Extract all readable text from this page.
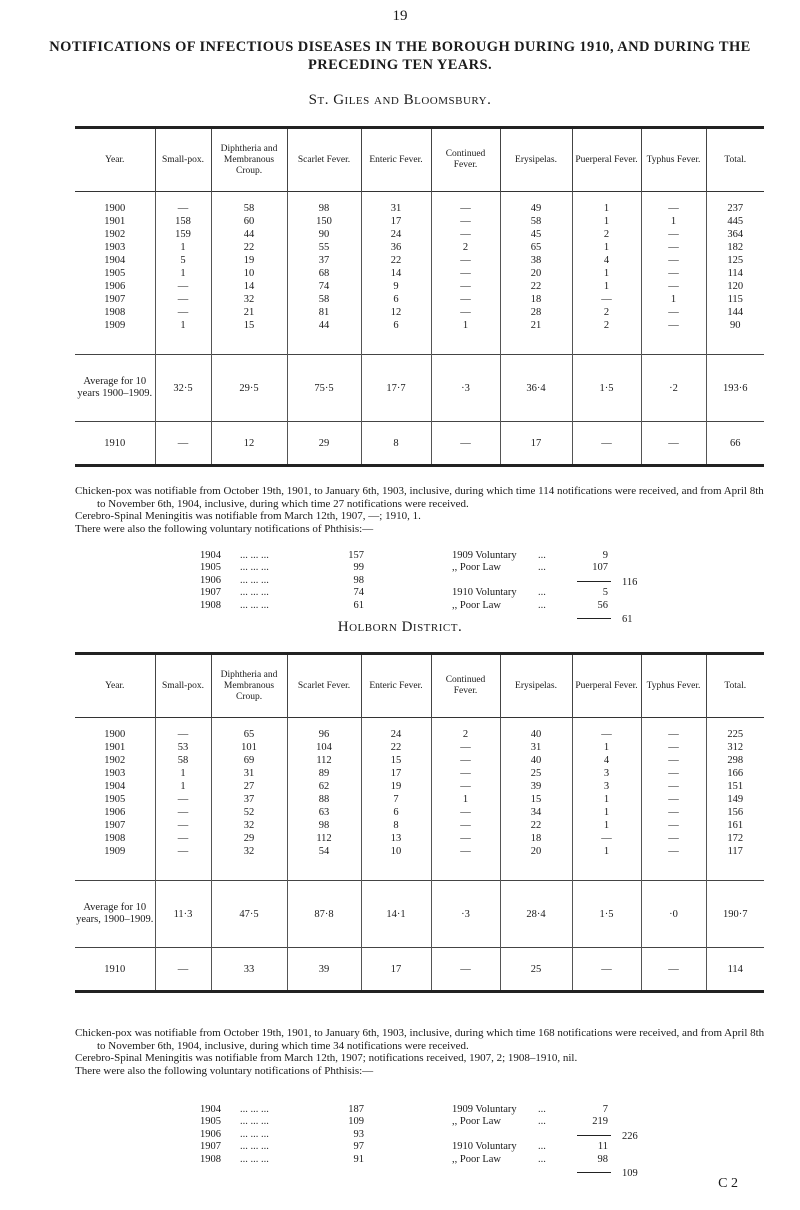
19
NOTIFICATIONS OF INFECTIOUS DISEASES IN THE BOROUGH DURING 1910, AND DURING THE PRECEDING TEN YEARS.
St. Giles and Bloomsbury.
Year.	Small-pox.	Diphtheria and Membranous Croup.	Scarlet Fever.	Enteric Fever.	Continued Fever.	Erysipelas.	Puerperal Fever.	Typhus Fever.	Total.

1900	—	58	98	31	—	49	1	—	237
1901	158	60	150	17	—	58	1	1	445
1902	159	44	90	24	—	45	2	—	364
1903	1	22	55	36	2	65	1	—	182
1904	5	19	37	22	—	38	4	—	125
1905	1	10	68	14	—	20	1	—	114
1906	—	14	74	9	—	22	1	—	120
1907	—	32	58	6	—	18	—	1	115
1908	—	21	81	12	—	28	2	—	144
1909	1	15	44	6	1	21	2	—	90

Average for 10 years 1900–1909.	32·5	29·5	75·5	17·7	·3	36·4	1·5	·2	193·6
1910	—	12	29	8	—	17	—	—	66

Chicken-pox was notifiable from October 19th, 1901, to January 6th, 1903, inclusive, during which time 114 notifications were received, and from April 8th to November 6th, 1904, inclusive, during which time 27 notifications were received.

Cerebro-Spinal Meningitis was notifiable from March 12th, 1907, —; 1910, 1.

There were also the following voluntary notifications of Phthisis:—

1904 ... ... ...	157
1905 ... ... ...	99
1906 ... ... ...	98
1907 ... ... ...	74
1908 ... ... ...	61
1909 Voluntary ...	9
,, Poor Law	...	107
1910 Voluntary ...	5
,, Poor Law	...	56
116
61
Holborn District.
Year.	Small-pox.	Diphtheria and Membranous Croup.	Scarlet Fever.	Enteric Fever.	Continued Fever.	Erysipelas.	Puerperal Fever.	Typhus Fever.	Total.

1900	—	65	96	24	2	40	—	—	225
1901	53	101	104	22	—	31	1	—	312
1902	58	69	112	15	—	40	4	—	298
1903	1	31	89	17	—	25	3	—	166
1904	1	27	62	19	—	39	3	—	151
1905	—	37	88	7	1	15	1	—	149
1906	—	52	63	6	—	34	1	—	156
1907	—	32	98	8	—	22	1	—	161
1908	—	29	112	13	—	18	—	—	172
1909	—	32	54	10	—	20	1	—	117

Average for 10 years, 1900–1909.	11·3	47·5	87·8	14·1	·3	28·4	1·5	·0	190·7
1910	—	33	39	17	—	25	—	—	114

Chicken-pox was notifiable from October 19th, 1901, to January 6th, 1903, inclusive, during which time 168 notifications were received, and from April 8th to November 6th, 1904, inclusive, during which time 34 notifications were received.

Cerebro-Spinal Meningitis was notifiable from March 12th, 1907; notifications received, 1907, 2; 1908–1910, nil.

There were also the following voluntary notifications of Phthisis:—

1904 ... ... ...	187
1905 ... ... ...	109
1906 ... ... ...	93
1907 ... ... ...	97
1908 ... ... ...	91
1909 Voluntary ...	7
,, Poor Law	...	219
1910 Voluntary ...	11
,, Poor Law	...	98
226
109
C 2
